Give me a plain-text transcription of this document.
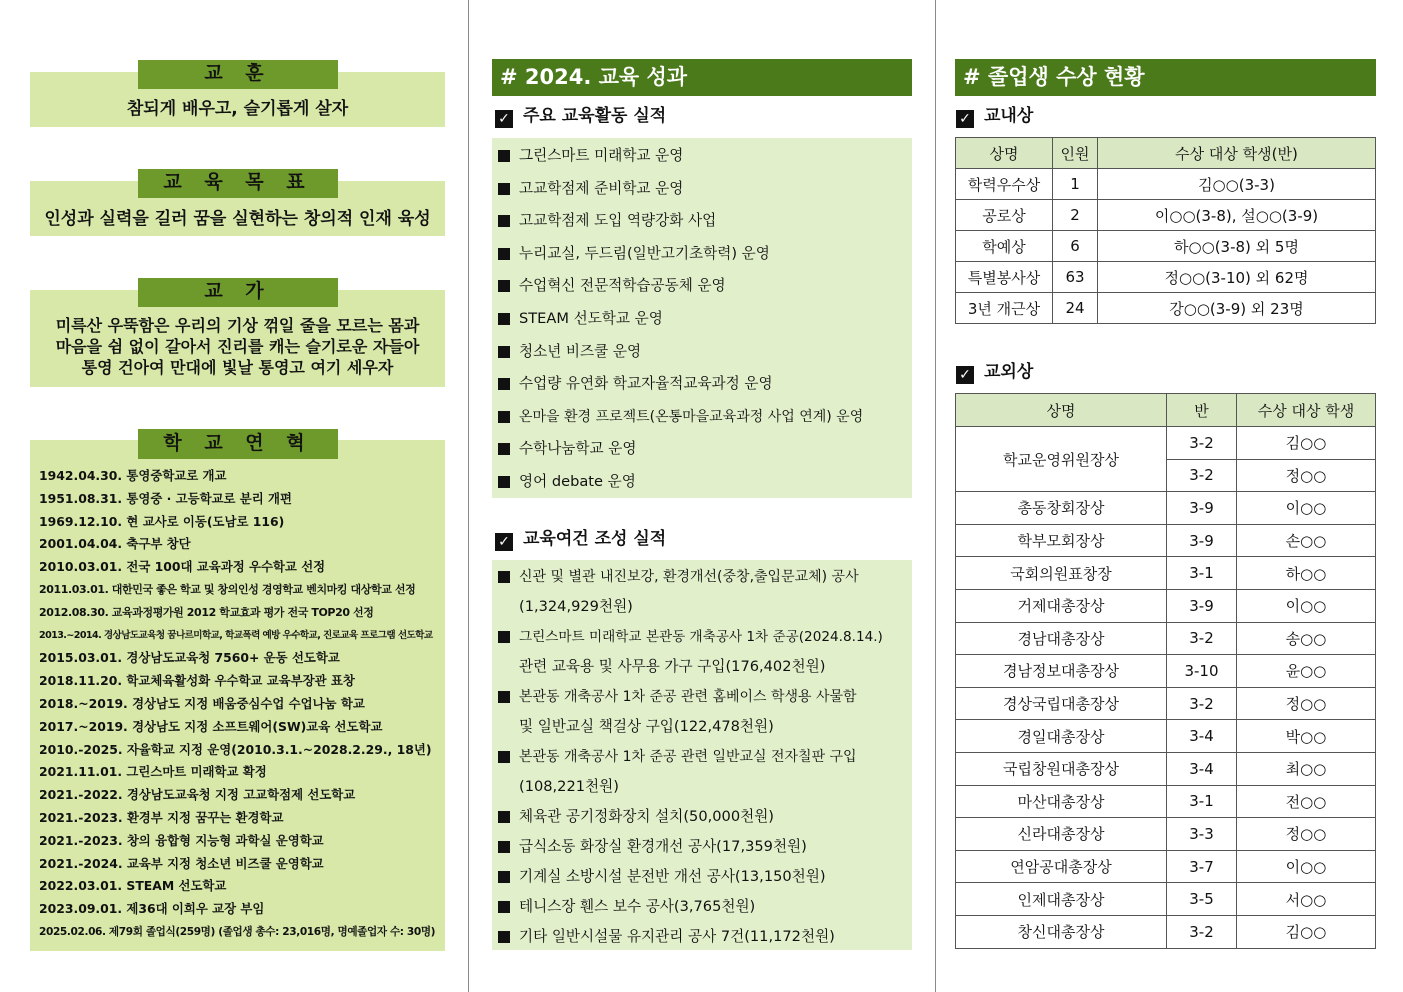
참되게 배우고, 슬기롭게 살자
교 훈
인성과 실력을 길러 꿈을 실현하는 창의적 인재 육성
교 육 목 표
미륵산 우뚝함은 우리의 기상 꺾일 줄을 모르는 몸과
마음을 쉼 없이 갈아서 진리를 캐는 슬기로운 자들아
통영 건아여 만대에 빛날 통영고 여기 세우자
교 가
학 교 연 혁
1942.04.30. 통영중학교로 개교
1951.08.31. 통영중 · 고등학교로 분리 개편
1969.12.10. 현 교사로 이동(도남로 116)
2001.04.04. 축구부 창단
2010.03.01. 전국 100대 교육과정 우수학교 선정
2011.03.01. 대한민국 좋은 학교 및 창의인성 경영학교 벤치마킹 대상학교 선정
2012.08.30. 교육과정평가원 2012 학교효과 평가 전국 TOP20 선정
2013.~2014. 경상남도교육청 꿈나르미학교, 학교폭력 예방 우수학교, 진로교육 프로그램 선도학교
2015.03.01. 경상남도교육청 7560+ 운동 선도학교
2018.11.20. 학교체육활성화 우수학교 교육부장관 표창
2018.~2019. 경상남도 지정 배움중심수업 수업나눔 학교
2017.~2019. 경상남도 지정 소프트웨어(SW)교육 선도학교
2010.-2025. 자율학교 지정 운영(2010.3.1.~2028.2.29., 18년)
2021.11.01. 그린스마트 미래학교 확정
2021.-2022. 경상남도교육청 지정 고교학점제 선도학교
2021.-2023. 환경부 지정 꿈꾸는 환경학교
2021.-2023. 창의 융합형 지능형 과학실 운영학교
2021.-2024. 교육부 지정 청소년 비즈쿨 운영학교
2022.03.01. STEAM 선도학교
2023.09.01. 제36대 이희우 교장 부임
2025.02.06. 제79회 졸업식(259명) (졸업생 총수: 23,016명, 명예졸업자 수: 30명)
# 2024. 교육 성과
✓ 주요 교육활동 실적
그린스마트 미래학교 운영
고교학점제 준비학교 운영
고교학점제 도입 역량강화 사업
누리교실, 두드림(일반고기초학력) 운영
수업혁신 전문적학습공동체 운영
STEAM 선도학교 운영
청소년 비즈쿨 운영
수업량 유연화 학교자율적교육과정 운영
온마을 환경 프로젝트(온통마을교육과정 사업 연계) 운영
수학나눔학교 운영
영어 debate 운영
✓ 교육여건 조성 실적
신관 및 별관 내진보강, 환경개선(중창,출입문교체) 공사
(1,324,929천원)
그린스마트 미래학교 본관동 개축공사 1차 준공(2024.8.14.)
관련 교육용 및 사무용 가구 구입(176,402천원)
본관동 개축공사 1차 준공 관련 홈베이스 학생용 사물함
및 일반교실 책걸상 구입(122,478천원)
본관동 개축공사 1차 준공 관련 일반교실 전자칠판 구입
(108,221천원)
체육관 공기정화장치 설치(50,000천원)
급식소동 화장실 환경개선 공사(17,359천원)
기계실 소방시설 분전반 개선 공사(13,150천원)
테니스장 휀스 보수 공사(3,765천원)
기타 일반시설물 유지관리 공사 7건(11,172천원)
# 졸업생 수상 현황
✓ 교내상
상명	인원	수상 대상 학생(반)
학력우수상	1	김○○(3-3)
공로상	2	이○○(3-8), 설○○(3-9)
학예상	6	하○○(3-8) 외 5명
특별봉사상	63	정○○(3-10) 외 62명
3년 개근상	24	강○○(3-9) 외 23명
✓ 교외상
상명	반	수상 대상 학생
학교운영위원장상	3-2	김○○
	3-2	정○○
총동창회장상	3-9	이○○
학부모회장상	3-9	손○○
국회의원표창장	3-1	하○○
거제대총장상	3-9	이○○
경남대총장상	3-2	송○○
경남정보대총장상	3-10	윤○○
경상국립대총장상	3-2	정○○
경일대총장상	3-4	박○○
국립창원대총장상	3-4	최○○
마산대총장상	3-1	전○○
신라대총장상	3-3	정○○
연암공대총장상	3-7	이○○
인제대총장상	3-5	서○○
창신대총장상	3-2	김○○
